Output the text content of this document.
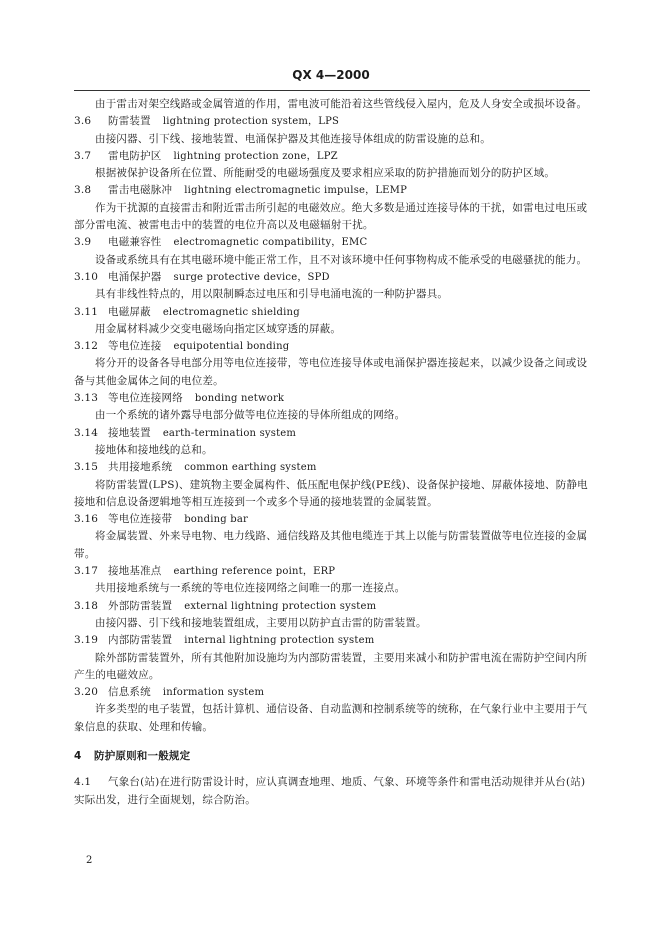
QX 4—2000

由于雷击对架空线路或金属管道的作用，雷电波可能沿着这些管线侵入屋内，危及人身安全或损坏设备。

3.6 防雷装置 lightning protection system，LPS

由接闪器、引下线、接地装置、电涌保护器及其他连接导体组成的防雷设施的总和。

3.7 雷电防护区 lightning protection zone，LPZ

根据被保护设备所在位置、所能耐受的电磁场强度及要求相应采取的防护措施而划分的防护区域。

3.8 雷击电磁脉冲 lightning electromagnetic impulse，LEMP

作为干扰源的直接雷击和附近雷击所引起的电磁效应。绝大多数是通过连接导体的干扰，如雷电过电压或部分雷电流、被雷电击中的装置的电位升高以及电磁辐射干扰。

3.9 电磁兼容性 electromagnetic compatibility，EMC

设备或系统具有在其电磁环境中能正常工作，且不对该环境中任何事物构成不能承受的电磁骚扰的能力。

3.10 电涌保护器 surge protective device，SPD

具有非线性特点的，用以限制瞬态过电压和引导电涌电流的一种防护器具。

3.11 电磁屏蔽 electromagnetic shielding

用金属材料减少交变电磁场向指定区域穿透的屏蔽。

3.12 等电位连接 equipotential bonding

将分开的设备各导电部分用等电位连接带，等电位连接导体或电涌保护器连接起来，以减少设备之间或设备与其他金属体之间的电位差。

3.13 等电位连接网络 bonding network

由一个系统的诸外露导电部分做等电位连接的导体所组成的网络。

3.14 接地装置 earth-termination system

接地体和接地线的总和。

3.15 共用接地系统 common earthing system

将防雷装置(LPS)、建筑物主要金属构件、低压配电保护线(PE线)、设备保护接地、屏蔽体接地、防静电接地和信息设备逻辑地等相互连接到一个或多个导通的接地装置的金属装置。

3.16 等电位连接带 bonding bar

将金属装置、外来导电物、电力线路、通信线路及其他电缆连于其上以能与防雷装置做等电位连接的金属带。

3.17 接地基准点 earthing reference point，ERP

共用接地系统与一系统的等电位连接网络之间唯一的那一连接点。

3.18 外部防雷装置 external lightning protection system

由接闪器、引下线和接地装置组成，主要用以防护直击雷的防雷装置。

3.19 内部防雷装置 internal lightning protection system

除外部防雷装置外，所有其他附加设施均为内部防雷装置，主要用来减小和防护雷电流在需防护空间内所产生的电磁效应。

3.20 信息系统 information system

许多类型的电子装置，包括计算机、通信设备、自动监测和控制系统等的统称，在气象行业中主要用于气象信息的获取、处理和传输。

4 防护原则和一般规定

4.1 气象台(站)在进行防雷设计时，应认真调查地理、地质、气象、环境等条件和雷电活动规律并从台(站)实际出发，进行全面规划，综合防治。

2
